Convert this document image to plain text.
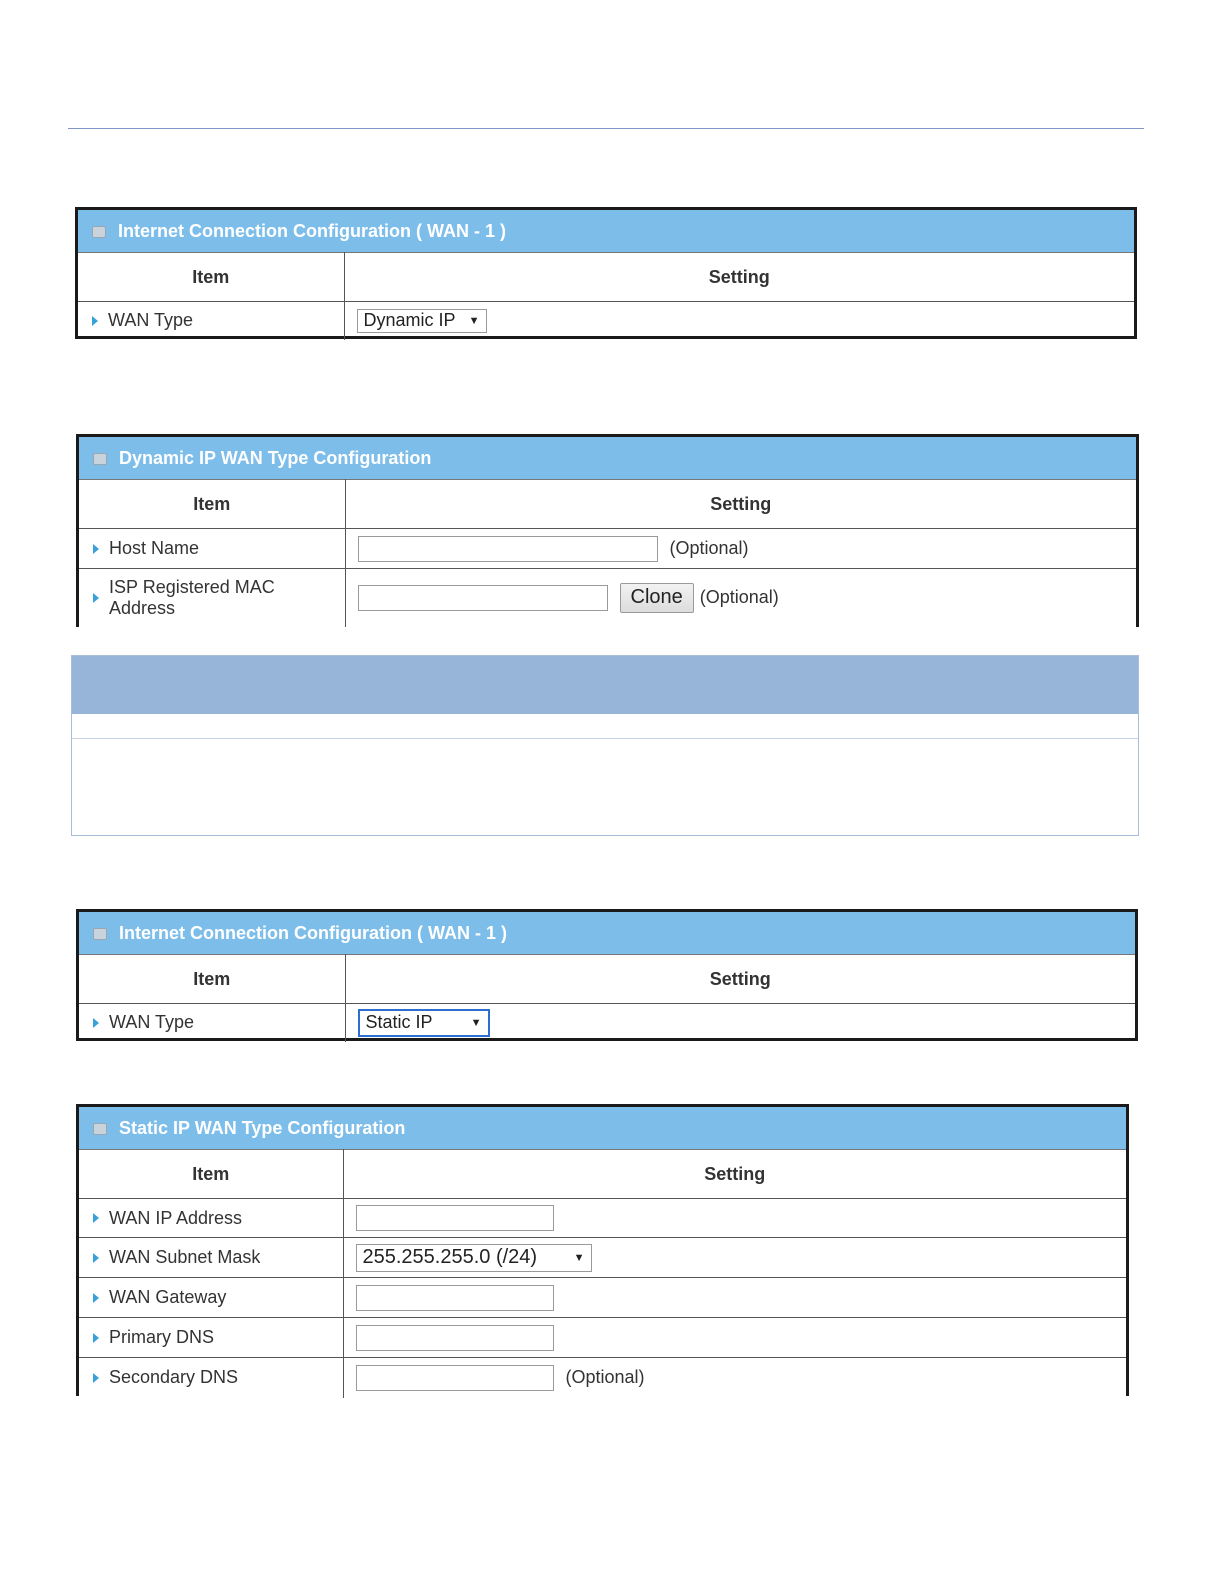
Internet Connection Configuration ( WAN - 1 )
Item	Setting

WAN Type	Dynamic IP ▼
Dynamic IP WAN Type Configuration
Item	Setting

Host Name	(Optional)

ISP Registered MAC
Address	Clone (Optional)
Internet Connection Configuration ( WAN - 1 )
Item	Setting

WAN Type	Static IP ▼
Static IP WAN Type Configuration
Item	Setting

WAN IP Address

WAN Subnet Mask	255.255.255.0 (/24) ▼

WAN Gateway

Primary DNS

Secondary DNS	(Optional)
